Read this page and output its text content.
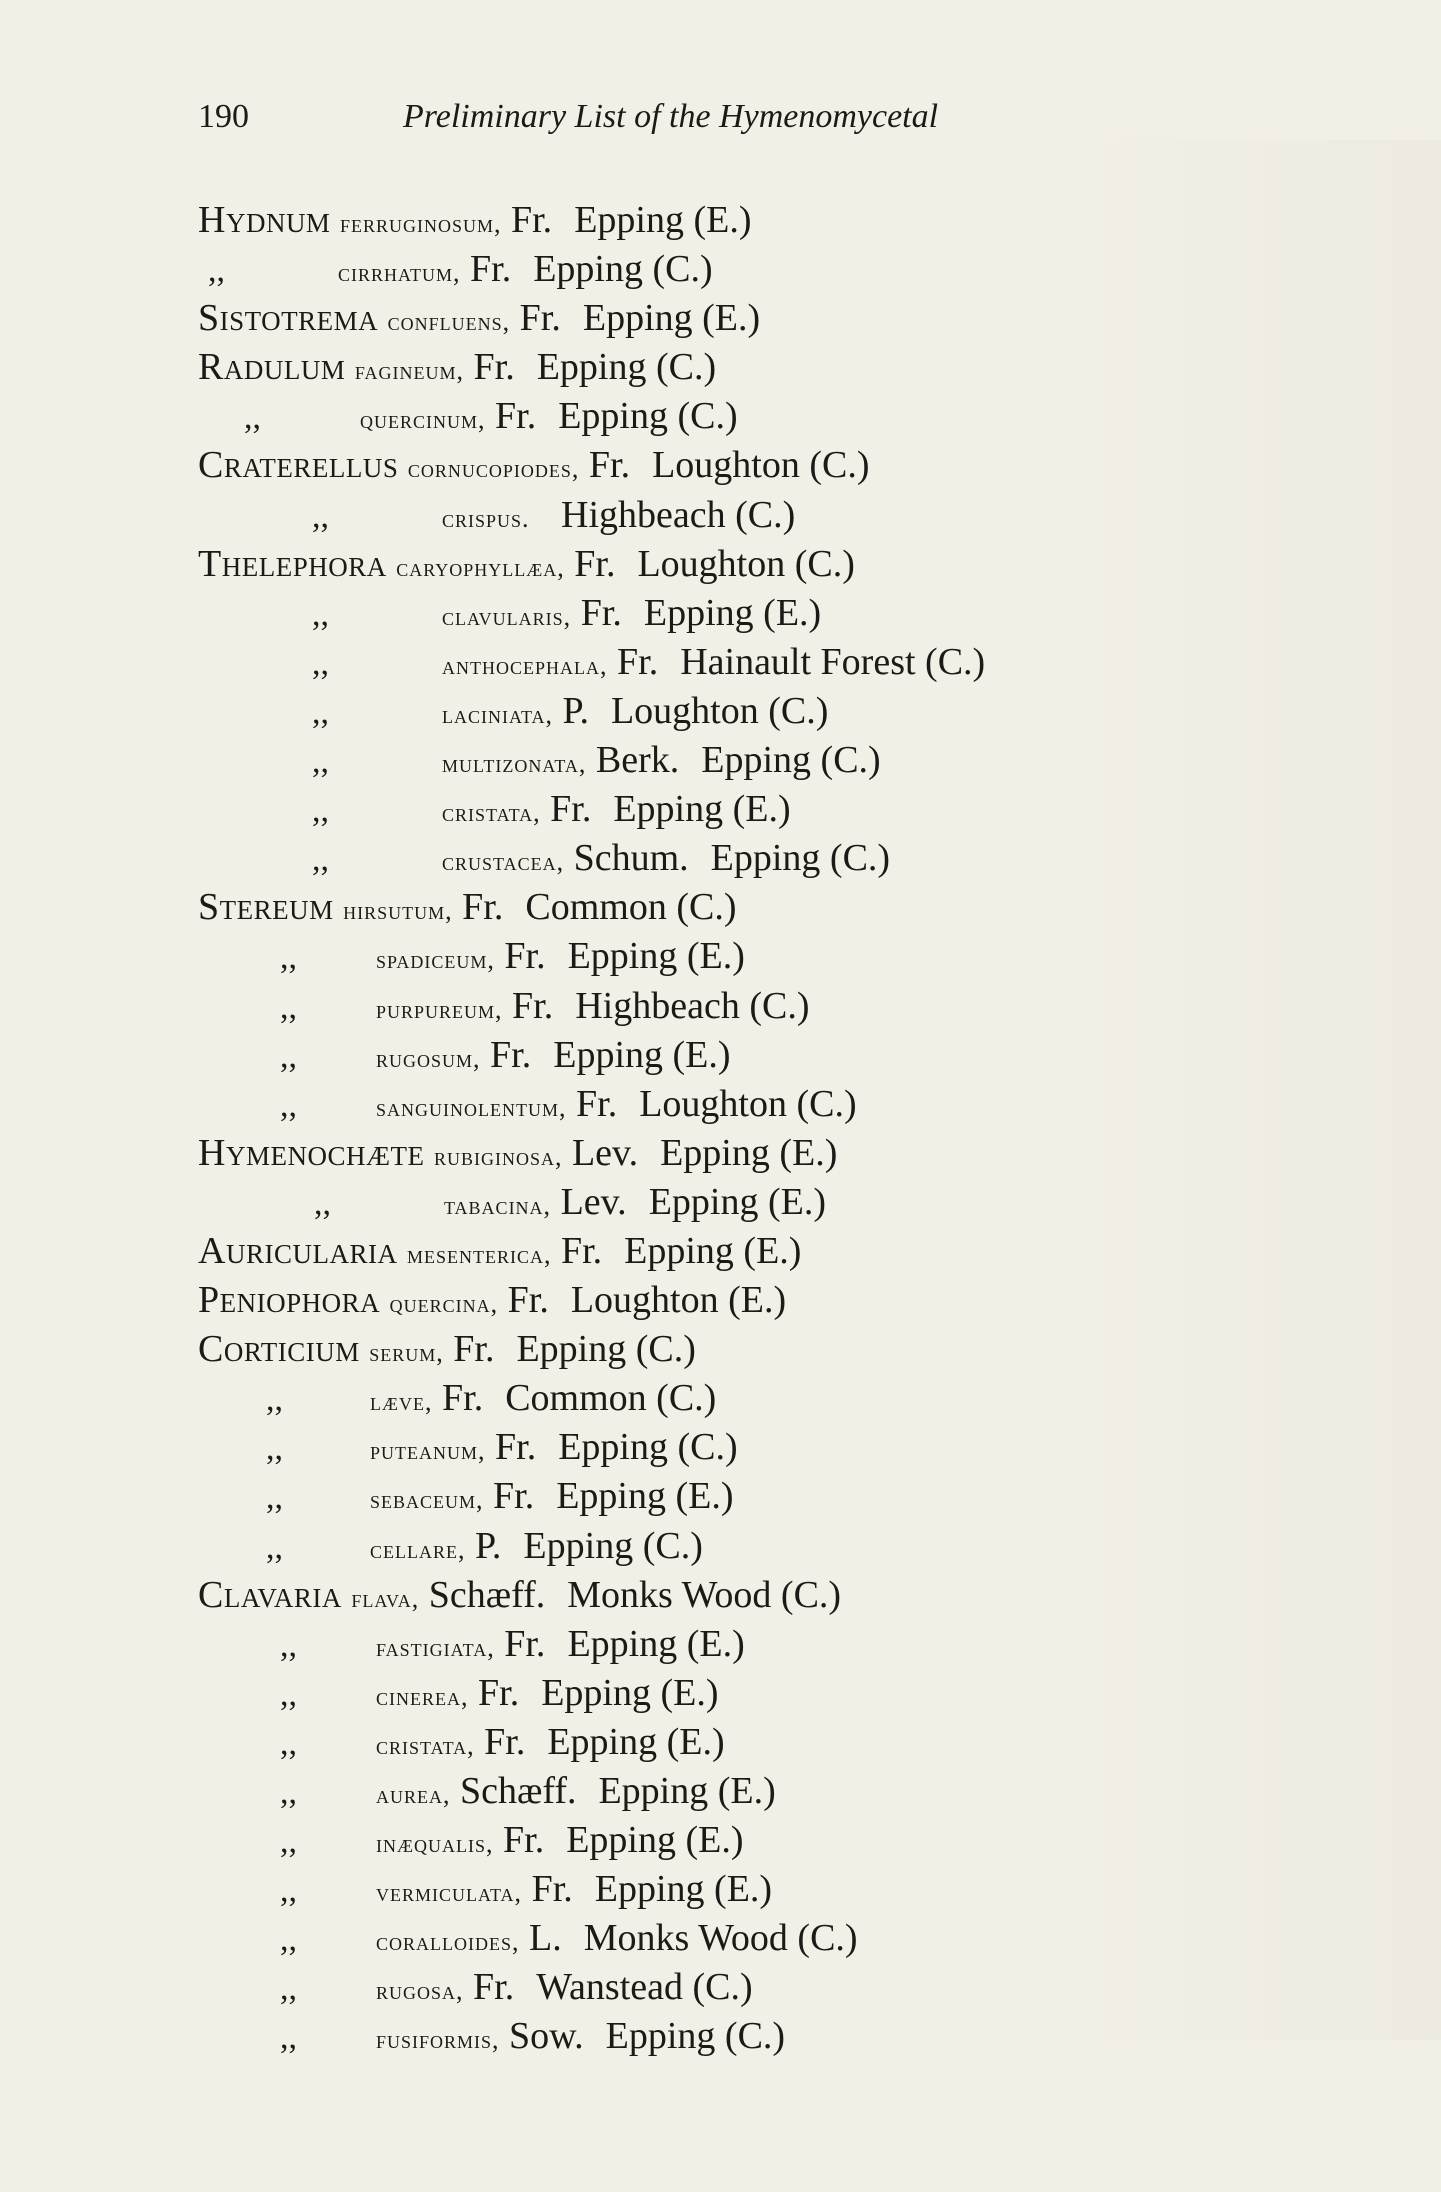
190	Preliminary List of the Hymenomycetal
Hydnum ferruginosum, Fr. Epping (E.)
,,	cirrhatum, Fr. Epping (C.)
Sistotrema confluens, Fr. Epping (E.)
Radulum fagineum, Fr. Epping (C.)
,,	quercinum, Fr. Epping (C.)
Craterellus cornucopiodes, Fr. Loughton (C.)
,,	crispus. Highbeach (C.)
Thelephora caryophyllæa, Fr. Loughton (C.)
,,	clavularis, Fr. Epping (E.)
,,	anthocephala, Fr. Hainault Forest (C.)
,,	laciniata, P. Loughton (C.)
,,	multizonata, Berk. Epping (C.)
,,	cristata, Fr. Epping (E.)
,,	crustacea, Schum. Epping (C.)
Stereum hirsutum, Fr. Common (C.)
,,	spadiceum, Fr. Epping (E.)
,,	purpureum, Fr. Highbeach (C.)
,,	rugosum, Fr. Epping (E.)
,,	sanguinolentum, Fr. Loughton (C.)
Hymenochæte rubiginosa, Lev. Epping (E.)
,,	tabacina, Lev. Epping (E.)
Auricularia mesenterica, Fr. Epping (E.)
Peniophora quercina, Fr. Loughton (E.)
Corticium serum, Fr. Epping (C.)
,,	læve, Fr. Common (C.)
,,	puteanum, Fr. Epping (C.)
,,	sebaceum, Fr. Epping (E.)
,,	cellare, P. Epping (C.)
Clavaria flava, Schæff. Monks Wood (C.)
,,	fastigiata, Fr. Epping (E.)
,,	cinerea, Fr. Epping (E.)
,,	cristata, Fr. Epping (E.)
,,	aurea, Schæff. Epping (E.)
,,	inæqualis, Fr. Epping (E.)
,,	vermiculata, Fr. Epping (E.)
,,	coralloides, L. Monks Wood (C.)
,,	rugosa, Fr. Wanstead (C.)
,,	fusiformis, Sow. Epping (C.)
